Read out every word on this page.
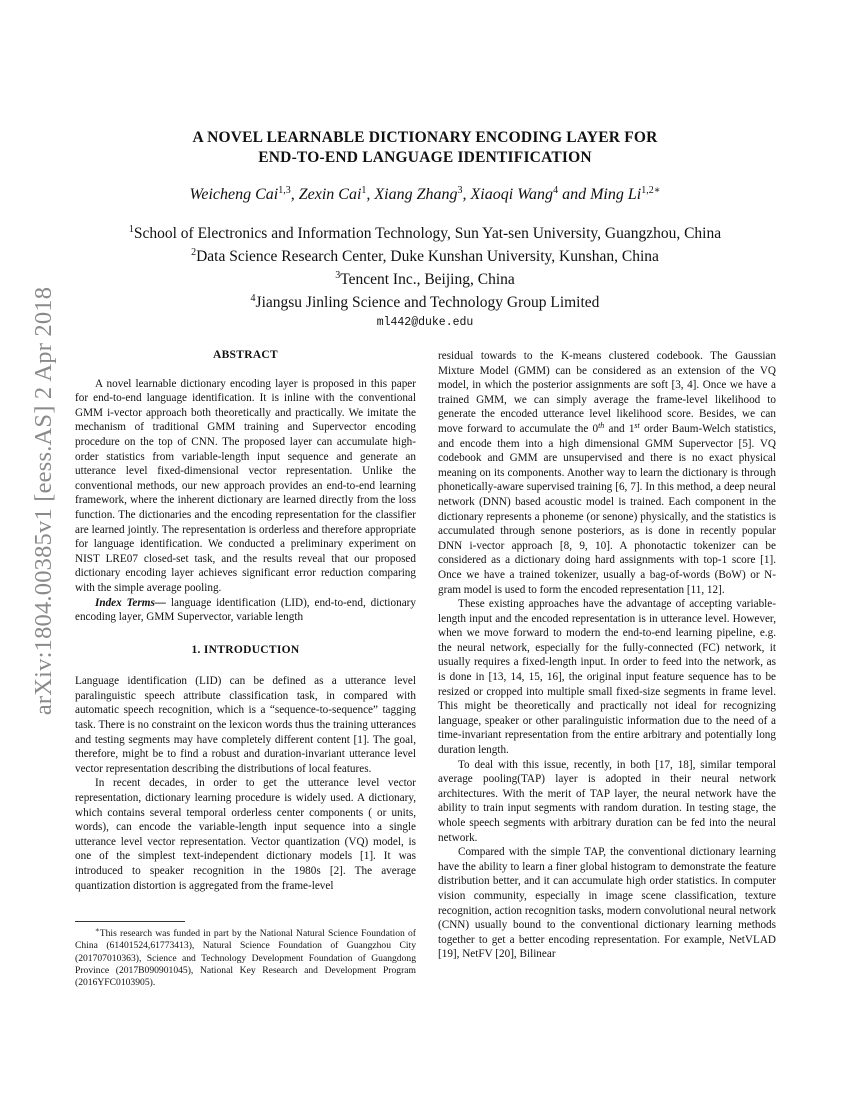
arXiv:1804.00385v1 [eess.AS] 2 Apr 2018
A NOVEL LEARNABLE DICTIONARY ENCODING LAYER FOR
END-TO-END LANGUAGE IDENTIFICATION
Weicheng Cai$^{1,3}$, Zexin Cai$^1$, Xiang Zhang$^3$, Xiaoqi Wang$^4$ and Ming $Li^{1,2∗}$
$^1$School of Electronics and Information Technology, Sun Yat-sen University, Guangzhou, China
$^2$Data Science Research Center, Duke Kunshan University, Kunshan, China
$^3$Tencent Inc., Beijing, China
$^4$Jiangsu Jinling Science and Technology Group Limited
ml442@duke.edu
ABSTRACT

A novel learnable dictionary encoding layer is proposed in this paper for end-to-end language identification. It is inline with the conventional GMM i-vector approach both theoretically and practically. We imitate the mechanism of traditional GMM training and Supervector encoding procedure on the top of CNN. The proposed layer can accumulate high-order statistics from variable-length input sequence and generate an utterance level fixed-dimensional vector representation. Unlike the conventional methods, our new approach provides an end-to-end learning framework, where the inherent dictionary are learned directly from the loss function. The dictionaries and the encoding representation for the classifier are learned jointly. The representation is orderless and therefore appropriate for language identification. We conducted a preliminary experiment on NIST LRE07 closed-set task, and the results reveal that our proposed dictionary encoding layer achieves significant error reduction comparing with the simple average pooling.

Index Terms— language identification (LID), end-to-end, dictionary encoding layer, GMM Supervector, variable length

1. INTRODUCTION

Language identification (LID) can be defined as a utterance level paralinguistic speech attribute classification task, in compared with automatic speech recognition, which is a “sequence-to-sequence” tagging task. There is no constraint on the lexicon words thus the training utterances and testing segments may have completely different content [1]. The goal, therefore, might be to find a robust and duration-invariant utterance level vector representation describing the distributions of local features.

In recent decades, in order to get the utterance level vector representation, dictionary learning procedure is widely used. A dictionary, which contains several temporal orderless center components ( or units, words), can encode the variable-length input sequence into a single utterance level vector representation. Vector quantization (VQ) model, is one of the simplest text-independent dictionary models [1]. It was introduced to speaker recognition in the 1980s [2]. The average quantization distortion is aggregated from the frame-level

∗This research was funded in part by the National Natural Science Foundation of China (61401524,61773413), Natural Science Foundation of Guangzhou City (201707010363), Science and Technology Development Foundation of Guangdong Province (2017B090901045), National Key Research and Development Program (2016YFC0103905).

residual towards to the K-means clustered codebook. The Gaussian Mixture Model (GMM) can be considered as an extension of the VQ model, in which the posterior assignments are soft [3, 4]. Once we have a trained GMM, we can simply average the frame-level likelihood to generate the encoded utterance level likelihood score. Besides, we can move forward to accumulate the 0th and 1st order Baum-Welch statistics, and encode them into a high dimensional GMM Supervector [5]. VQ codebook and GMM are unsupervised and there is no exact physical meaning on its components. Another way to learn the dictionary is through phonetically-aware supervised training [6, 7]. In this method, a deep neural network (DNN) based acoustic model is trained. Each component in the dictionary represents a phoneme (or senone) physically, and the statistics is accumulated through senone posteriors, as is done in recently popular DNN i-vector approach [8, 9, 10]. A phonotactic tokenizer can be considered as a dictionary doing hard assignments with top-1 score [1]. Once we have a trained tokenizer, usually a bag-of-words (BoW) or N-gram model is used to form the encoded representation [11, 12].

These existing approaches have the advantage of accepting variable-length input and the encoded representation is in utterance level. However, when we move forward to modern the end-to-end learning pipeline, e.g. the neural network, especially for the fully-connected (FC) network, it usually requires a fixed-length input. In order to feed into the network, as is done in [13, 14, 15, 16], the original input feature sequence has to be resized or cropped into multiple small fixed-size segments in frame level. This might be theoretically and practically not ideal for recognizing language, speaker or other paralinguistic information due to the need of a time-invariant representation from the entire arbitrary and potentially long duration length.

To deal with this issue, recently, in both [17, 18], similar temporal average pooling(TAP) layer is adopted in their neural network architectures. With the merit of TAP layer, the neural network have the ability to train input segments with random duration. In testing stage, the whole speech segments with arbitrary duration can be fed into the neural network.

Compared with the simple TAP, the conventional dictionary learning have the ability to learn a finer global histogram to demonstrate the feature distribution better, and it can accumulate high order statistics. In computer vision community, especially in image scene classification, texture recognition, action recognition tasks, modern convolutional neural network (CNN) usually bound to the conventional dictionary learning methods together to get a better encoding representation. For example, NetVLAD [19], NetFV [20], Bilinear
